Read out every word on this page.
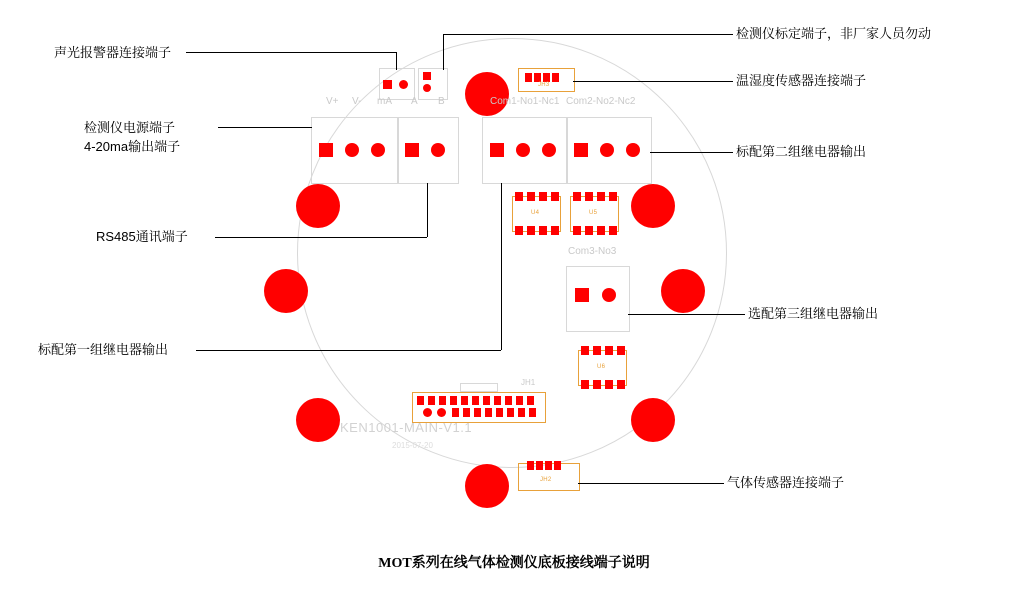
JH3
V+ V- mA A B	Com1-No1-Nc1 Com2-No2-Nc2
U4	U5
Com3-No3
U6
JH1
JH2
KEN1001-MAIN-V1.1
2015-07-20
声光报警器连接端子
检测仪电源端子
4-20ma输出端子
RS485通讯端子
标配第一组继电器输出
检测仪标定端子，非厂家人员勿动
温湿度传感器连接端子
标配第二组继电器输出
选配第三组继电器输出
气体传感器连接端子
MOT系列在线气体检测仪底板接线端子说明
